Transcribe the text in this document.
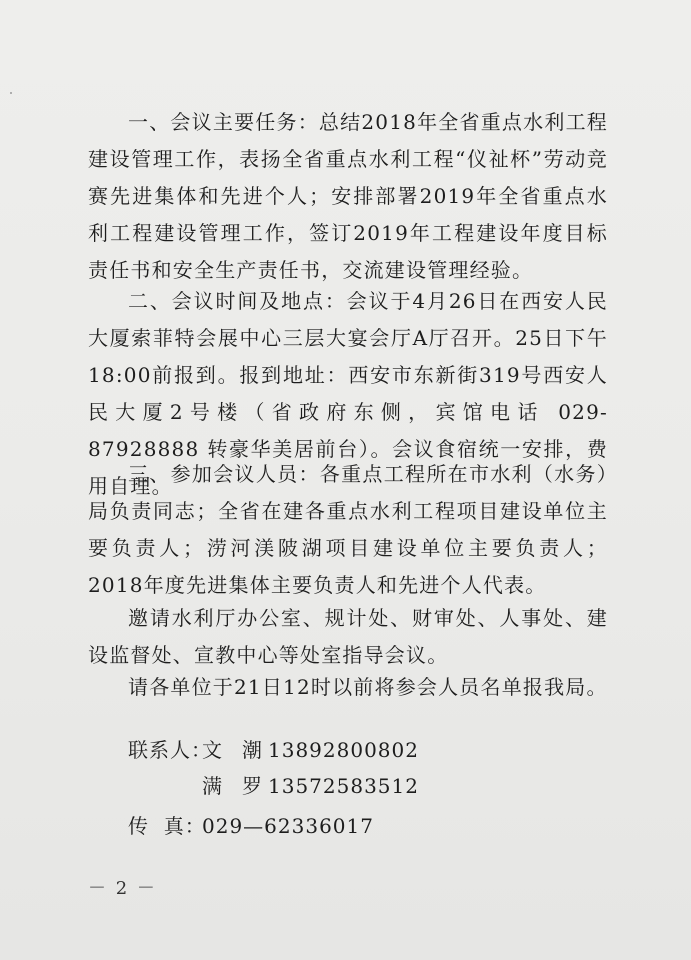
一、会议主要任务：总结2018年全省重点水利工程建设管理工作，表扬全省重点水利工程“仪祉杯”劳动竞赛先进集体和先进个人；安排部署2019年全省重点水利工程建设管理工作，签订2019年工程建设年度目标责任书和安全生产责任书，交流建设管理经验。

二、会议时间及地点：会议于4月26日在西安人民大厦索菲特会展中心三层大宴会厅A厅召开。25日下午18:00前报到。报到地址：西安市东新街319号西安人民大厦2号楼（省政府东侧，宾馆电话 029-87928888 转豪华美居前台）。会议食宿统一安排，费用自理。

三、参加会议人员：各重点工程所在市水利（水务）局负责同志；全省在建各重点水利工程项目建设单位主要负责人；涝河渼陂湖项目建设单位主要负责人；2018年度先进集体主要负责人和先进个人代表。

邀请水利厅办公室、规计处、财审处、人事处、建设监督处、宣教中心等处室指导会议。

请各单位于21日12时以前将参会人员名单报我局。

联系人：文潮13892800802
满罗13572583512
传  真：029—62336017
－ 2 －
